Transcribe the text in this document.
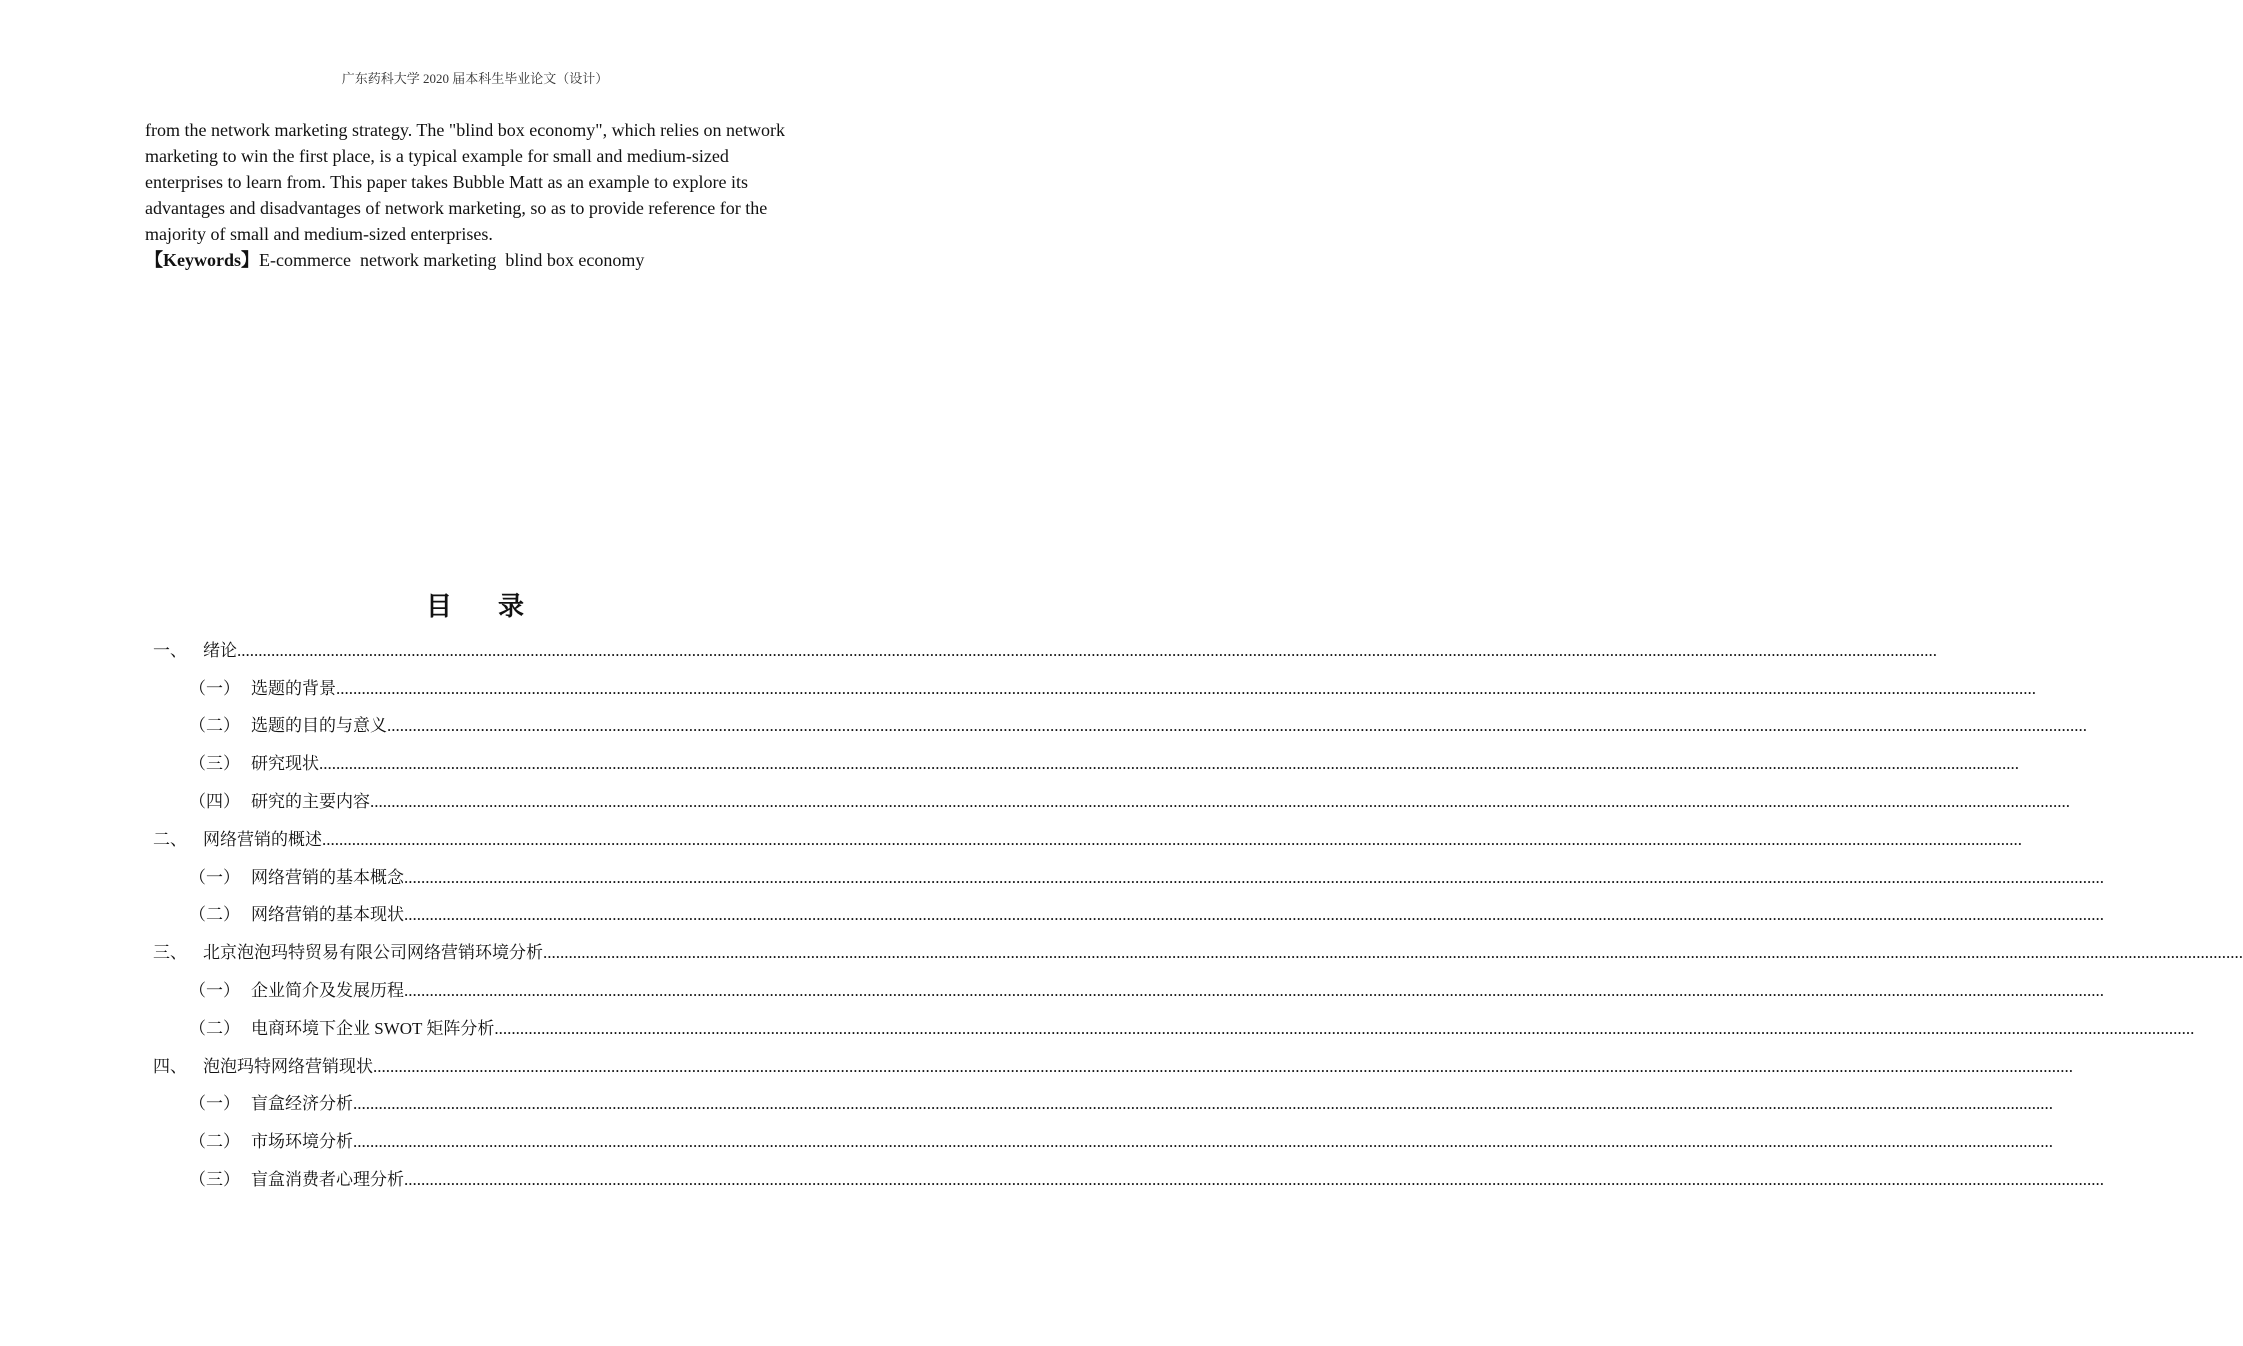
广东药科大学 2020 届本科生毕业论文（设计）

from the network marketing strategy. The "blind box economy", which relies on network marketing to win the first place, is a typical example for small and medium-sized enterprises to learn from. This paper takes Bubble Matt as an example to explore its advantages and disadvantages of network marketing, so as to provide reference for the majority of small and medium-sized enterprises.

【Keywords】E-commerce network marketing blind box economy

目 录
一、 绪论 ................................................................................................................................................................................................................................................................................................................................................................................................................
（一） 选题的背景 ................................................................................................................................................................................................................................................................................................................................................................................................................
（二） 选题的目的与意义 ................................................................................................................................................................................................................................................................................................................................................................................................................
（三） 研究现状 ................................................................................................................................................................................................................................................................................................................................................................................................................
（四） 研究的主要内容 ................................................................................................................................................................................................................................................................................................................................................................................................................
二、 网络营销的概述 ................................................................................................................................................................................................................................................................................................................................................................................................................
（一） 网络营销的基本概念 ................................................................................................................................................................................................................................................................................................................................................................................................................
（二） 网络营销的基本现状 ................................................................................................................................................................................................................................................................................................................................................................................................................
三、 北京泡泡玛特贸易有限公司网络营销环境分析 ................................................................................................................................................................................................................................................................................................................................................................................................................
（一） 企业简介及发展历程 ................................................................................................................................................................................................................................................................................................................................................................................................................
（二） 电商环境下企业 SWOT 矩阵分析 ................................................................................................................................................................................................................................................................................................................................................................................................................
四、 泡泡玛特网络营销现状 ................................................................................................................................................................................................................................................................................................................................................................................................................
（一） 盲盒经济分析 ................................................................................................................................................................................................................................................................................................................................................................................................................
（二） 市场环境分析 ................................................................................................................................................................................................................................................................................................................................................................................................................
（三） 盲盒消费者心理分析 ................................................................................................................................................................................................................................................................................................................................................................................................................
